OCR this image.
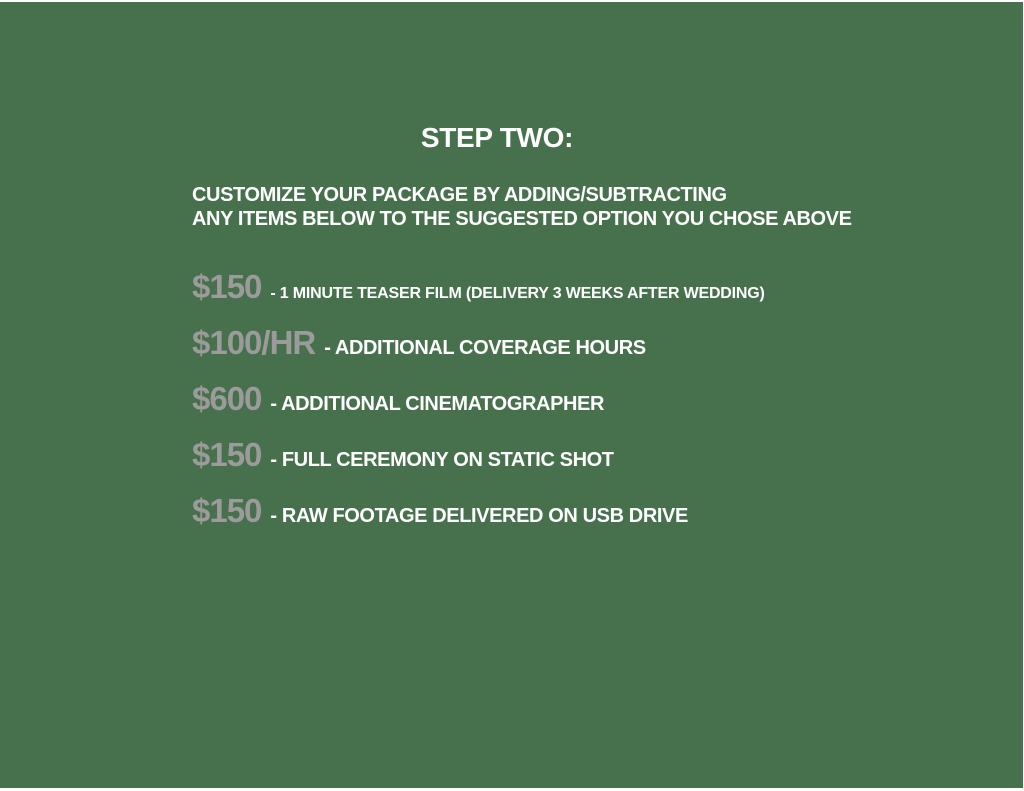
STEP TWO:
CUSTOMIZE YOUR PACKAGE BY ADDING/SUBTRACTING
ANY ITEMS BELOW TO THE SUGGESTED OPTION YOU CHOSE ABOVE
$150 - 1 MINUTE TEASER FILM (DELIVERY 3 WEEKS AFTER WEDDING)
$100/HR - ADDITIONAL COVERAGE HOURS
$600 - ADDITIONAL CINEMATOGRAPHER
$150 - FULL CEREMONY ON STATIC SHOT
$150 - RAW FOOTAGE DELIVERED ON USB DRIVE
